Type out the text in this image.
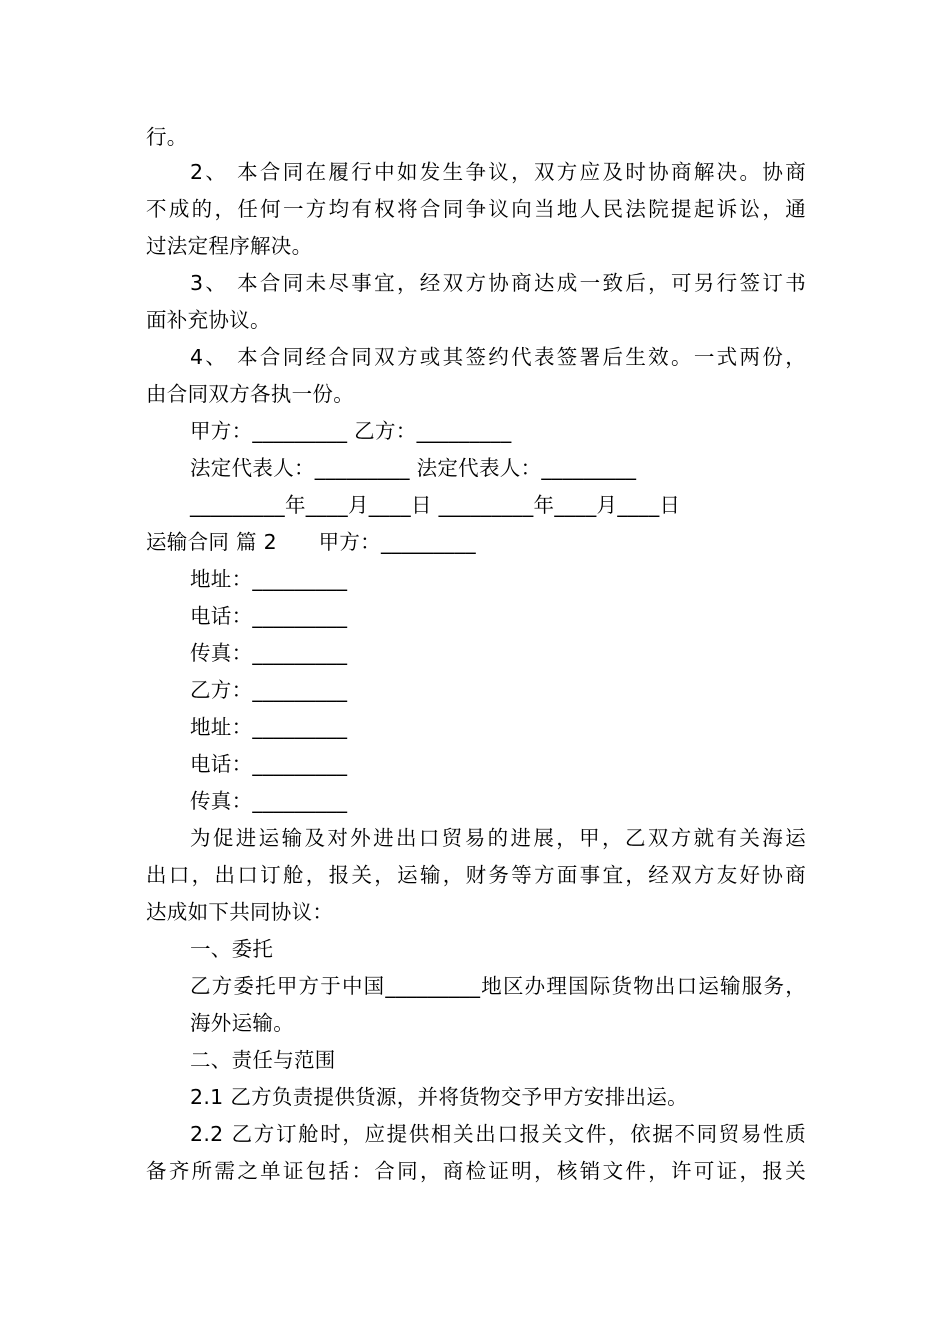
行。
2、 本合同在履行中如发生争议，双方应及时协商解决。协商
不成的，任何一方均有权将合同争议向当地人民法院提起诉讼，通
过法定程序解决。
3、 本合同未尽事宜，经双方协商达成一致后，可另行签订书
面补充协议。
4、 本合同经合同双方或其签约代表签署后生效。一式两份，
由合同双方各执一份。
甲方：_________ 乙方：_________
法定代表人：_________ 法定代表人：_________
_________年____月____日 _________年____月____日
运输合同 篇 2　　甲方：_________
地址：_________
电话：_________
传真：_________
乙方：_________
地址：_________
电话：_________
传真：_________
为促进运输及对外进出口贸易的进展，甲，乙双方就有关海运
出口，出口订舱，报关，运输，财务等方面事宜，经双方友好协商
达成如下共同协议：
一、委托
乙方委托甲方于中国_________地区办理国际货物出口运输服务，
海外运输。
二、责任与范围
2.1 乙方负责提供货源，并将货物交予甲方安排出运。
2.2 乙方订舱时，应提供相关出口报关文件，依据不同贸易性质
备齐所需之单证包括：合同，商检证明，核销文件，许可证，报关
